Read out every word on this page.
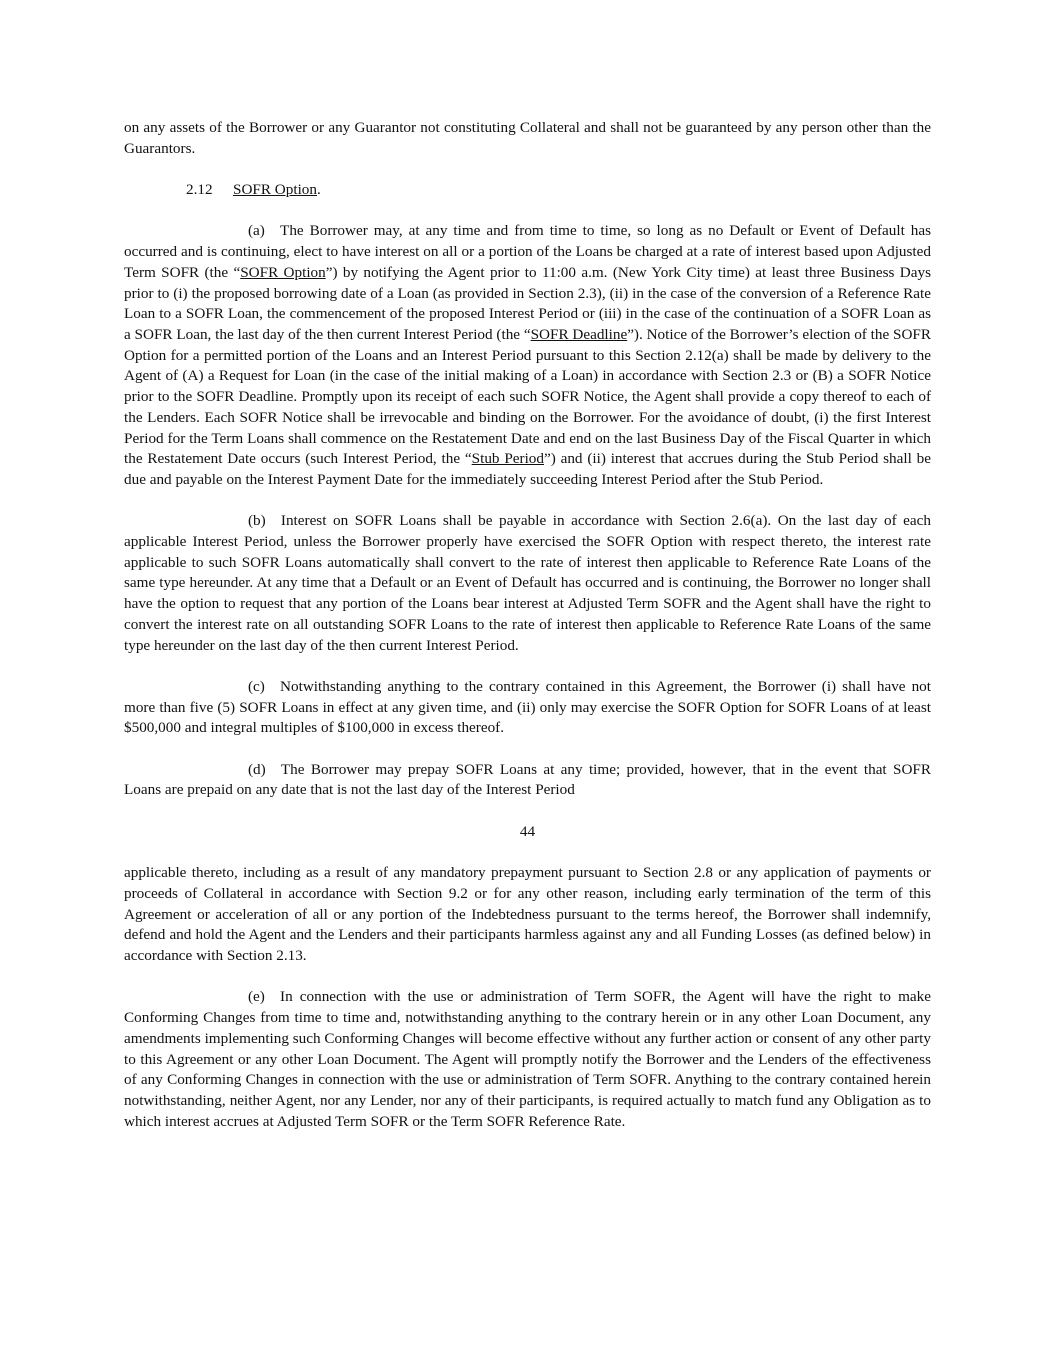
on any assets of the Borrower or any Guarantor not constituting Collateral and shall not be guaranteed by any person other than the Guarantors.

2.12 SOFR Option.

(a) The Borrower may, at any time and from time to time, so long as no Default or Event of Default has occurred and is continuing, elect to have interest on all or a portion of the Loans be charged at a rate of interest based upon Adjusted Term SOFR (the “SOFR Option”) by notifying the Agent prior to 11:00 a.m. (New York City time) at least three Business Days prior to (i) the proposed borrowing date of a Loan (as provided in Section 2.3), (ii) in the case of the conversion of a Reference Rate Loan to a SOFR Loan, the commencement of the proposed Interest Period or (iii) in the case of the continuation of a SOFR Loan as a SOFR Loan, the last day of the then current Interest Period (the “SOFR Deadline”). Notice of the Borrower’s election of the SOFR Option for a permitted portion of the Loans and an Interest Period pursuant to this Section 2.12(a) shall be made by delivery to the Agent of (A) a Request for Loan (in the case of the initial making of a Loan) in accordance with Section 2.3 or (B) a SOFR Notice prior to the SOFR Deadline. Promptly upon its receipt of each such SOFR Notice, the Agent shall provide a copy thereof to each of the Lenders. Each SOFR Notice shall be irrevocable and binding on the Borrower. For the avoidance of doubt, (i) the first Interest Period for the Term Loans shall commence on the Restatement Date and end on the last Business Day of the Fiscal Quarter in which the Restatement Date occurs (such Interest Period, the “Stub Period”) and (ii) interest that accrues during the Stub Period shall be due and payable on the Interest Payment Date for the immediately succeeding Interest Period after the Stub Period.

(b) Interest on SOFR Loans shall be payable in accordance with Section 2.6(a). On the last day of each applicable Interest Period, unless the Borrower properly have exercised the SOFR Option with respect thereto, the interest rate applicable to such SOFR Loans automatically shall convert to the rate of interest then applicable to Reference Rate Loans of the same type hereunder. At any time that a Default or an Event of Default has occurred and is continuing, the Borrower no longer shall have the option to request that any portion of the Loans bear interest at Adjusted Term SOFR and the Agent shall have the right to convert the interest rate on all outstanding SOFR Loans to the rate of interest then applicable to Reference Rate Loans of the same type hereunder on the last day of the then current Interest Period.

(c) Notwithstanding anything to the contrary contained in this Agreement, the Borrower (i) shall have not more than five (5) SOFR Loans in effect at any given time, and (ii) only may exercise the SOFR Option for SOFR Loans of at least $500,000 and integral multiples of $100,000 in excess thereof.

(d) The Borrower may prepay SOFR Loans at any time; provided, however, that in the event that SOFR Loans are prepaid on any date that is not the last day of the Interest Period

44

applicable thereto, including as a result of any mandatory prepayment pursuant to Section 2.8 or any application of payments or proceeds of Collateral in accordance with Section 9.2 or for any other reason, including early termination of the term of this Agreement or acceleration of all or any portion of the Indebtedness pursuant to the terms hereof, the Borrower shall indemnify, defend and hold the Agent and the Lenders and their participants harmless against any and all Funding Losses (as defined below) in accordance with Section 2.13.

(e) In connection with the use or administration of Term SOFR, the Agent will have the right to make Conforming Changes from time to time and, notwithstanding anything to the contrary herein or in any other Loan Document, any amendments implementing such Conforming Changes will become effective without any further action or consent of any other party to this Agreement or any other Loan Document. The Agent will promptly notify the Borrower and the Lenders of the effectiveness of any Conforming Changes in connection with the use or administration of Term SOFR. Anything to the contrary contained herein notwithstanding, neither Agent, nor any Lender, nor any of their participants, is required actually to match fund any Obligation as to which interest accrues at Adjusted Term SOFR or the Term SOFR Reference Rate.
